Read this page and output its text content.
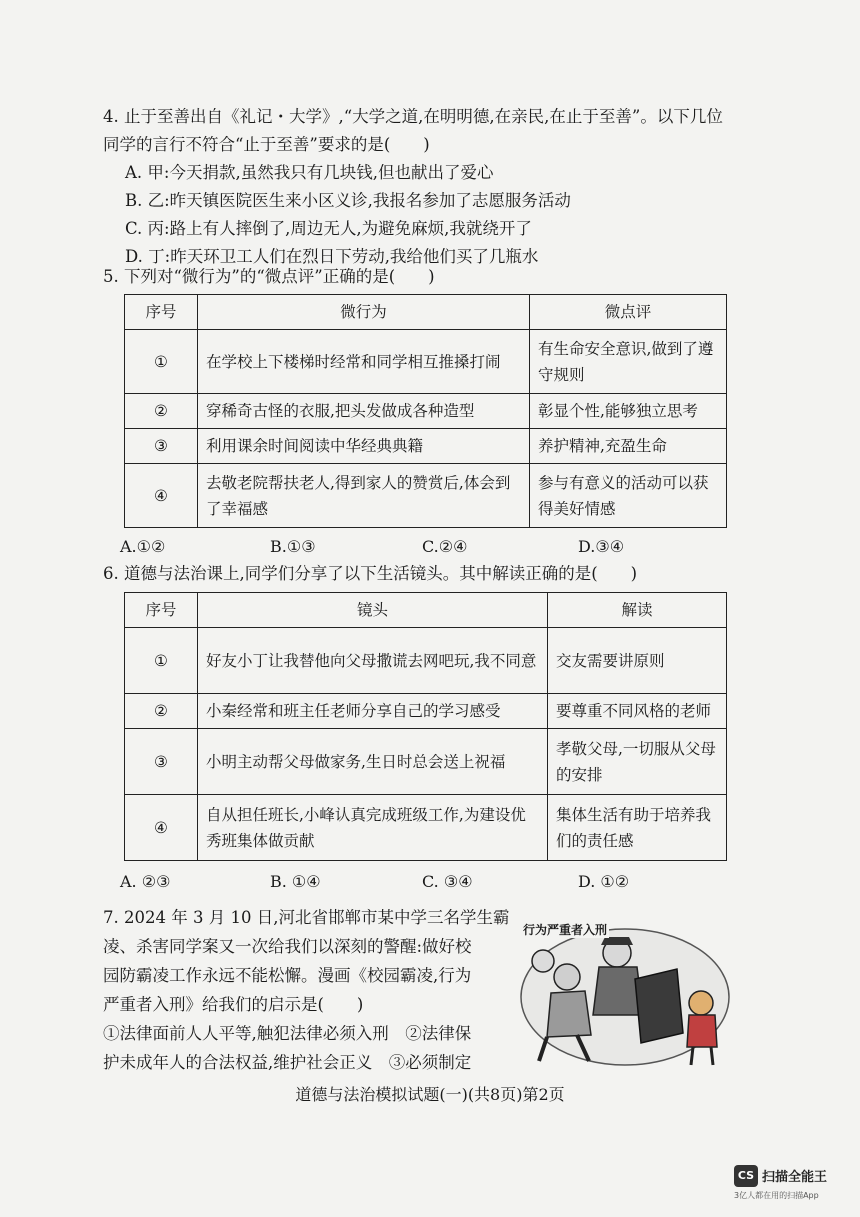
4. 止于至善出自《礼记・大学》,“大学之道,在明明德,在亲民,在止于至善”。以下几位
同学的言行不符合“止于至善”要求的是(　　)
A. 甲:今天捐款,虽然我只有几块钱,但也献出了爱心
B. 乙:昨天镇医院医生来小区义诊,我报名参加了志愿服务活动
C. 丙:路上有人摔倒了,周边无人,为避免麻烦,我就绕开了
D. 丁:昨天环卫工人们在烈日下劳动,我给他们买了几瓶水
5. 下列对“微行为”的“微点评”正确的是(　　)
序号	微行为	微点评
①	在学校上下楼梯时经常和同学相互推搡打闹	有生命安全意识,做到了遵守规则
②	穿稀奇古怪的衣服,把头发做成各种造型	彰显个性,能够独立思考
③	利用课余时间阅读中华经典典籍	养护精神,充盈生命
④	去敬老院帮扶老人,得到家人的赞赏后,体会到了幸福感	参与有意义的活动可以获得美好情感
A.①②	B.①③	C.②④	D.③④
6. 道德与法治课上,同学们分享了以下生活镜头。其中解读正确的是(　　)
序号	镜头	解读
①	好友小丁让我替他向父母撒谎去网吧玩,我不同意	交友需要讲原则
②	小秦经常和班主任老师分享自己的学习感受	要尊重不同风格的老师
③	小明主动帮父母做家务,生日时总会送上祝福	孝敬父母,一切服从父母的安排
④	自从担任班长,小峰认真完成班级工作,为建设优秀班集体做贡献	集体生活有助于培养我们的责任感
A. ②③	B. ①④	C. ③④	D. ①②
7. 2024 年 3 月 10 日,河北省邯郸市某中学三名学生霸
凌、杀害同学案又一次给我们以深刻的警醒:做好校
园防霸凌工作永远不能松懈。漫画《校园霸凌,行为
严重者入刑》给我们的启示是(　　)
①法律面前人人平等,触犯法律必须入刑　②法律保
护未成年人的合法权益,维护社会正义　③必须制定
行为严重者入刑
道德与法治模拟试题(一)(共8页)第2页
CS 扫描全能王
3亿人都在用的扫描App
